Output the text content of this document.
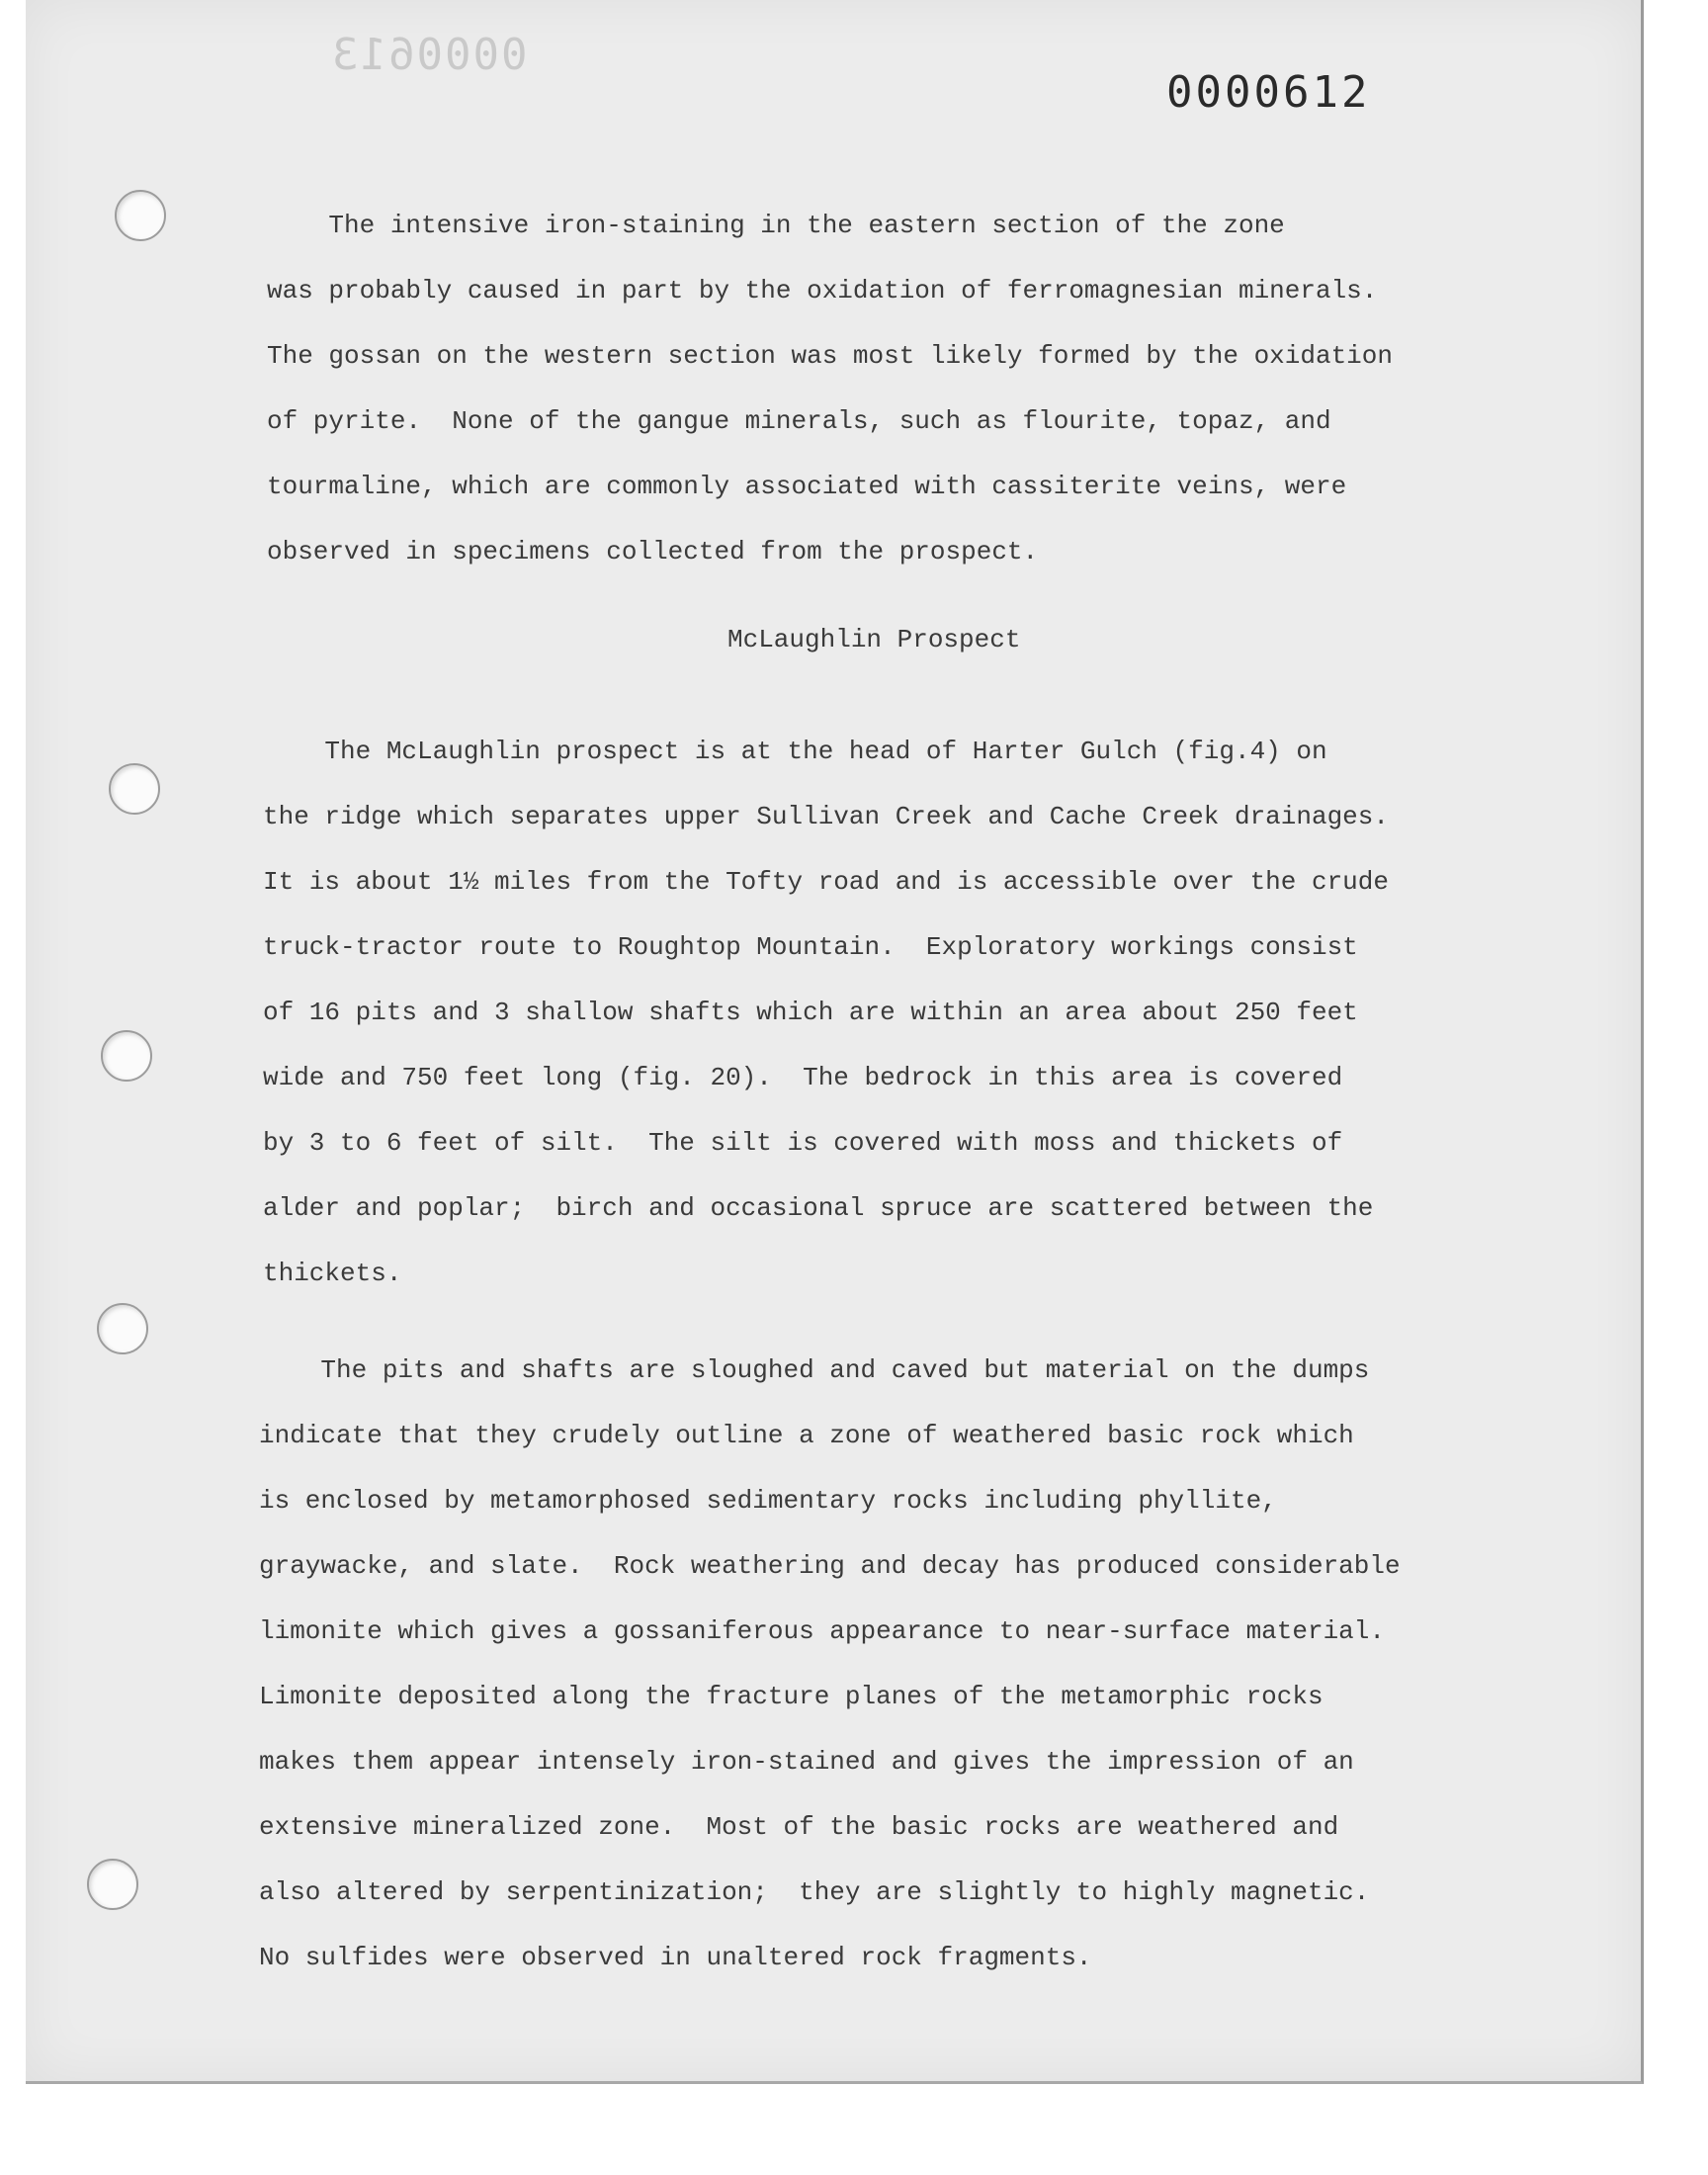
0000613
0000612
The intensive iron-staining in the eastern section of the zone
was probably caused in part by the oxidation of ferromagnesian minerals.
The gossan on the western section was most likely formed by the oxidation
of pyrite.  None of the gangue minerals, such as flourite, topaz, and
tourmaline, which are commonly associated with cassiterite veins, were
observed in specimens collected from the prospect.
McLaughlin Prospect
The McLaughlin prospect is at the head of Harter Gulch (fig.4) on
the ridge which separates upper Sullivan Creek and Cache Creek drainages.
It is about 1½ miles from the Tofty road and is accessible over the crude
truck-tractor route to Roughtop Mountain.  Exploratory workings consist
of 16 pits and 3 shallow shafts which are within an area about 250 feet
wide and 750 feet long (fig. 20).  The bedrock in this area is covered
by 3 to 6 feet of silt.  The silt is covered with moss and thickets of
alder and poplar;  birch and occasional spruce are scattered between the
thickets.
The pits and shafts are sloughed and caved but material on the dumps
indicate that they crudely outline a zone of weathered basic rock which
is enclosed by metamorphosed sedimentary rocks including phyllite,
graywacke, and slate.  Rock weathering and decay has produced considerable
limonite which gives a gossaniferous appearance to near-surface material.
Limonite deposited along the fracture planes of the metamorphic rocks
makes them appear intensely iron-stained and gives the impression of an
extensive mineralized zone.  Most of the basic rocks are weathered and
also altered by serpentinization;  they are slightly to highly magnetic.
No sulfides were observed in unaltered rock fragments.
